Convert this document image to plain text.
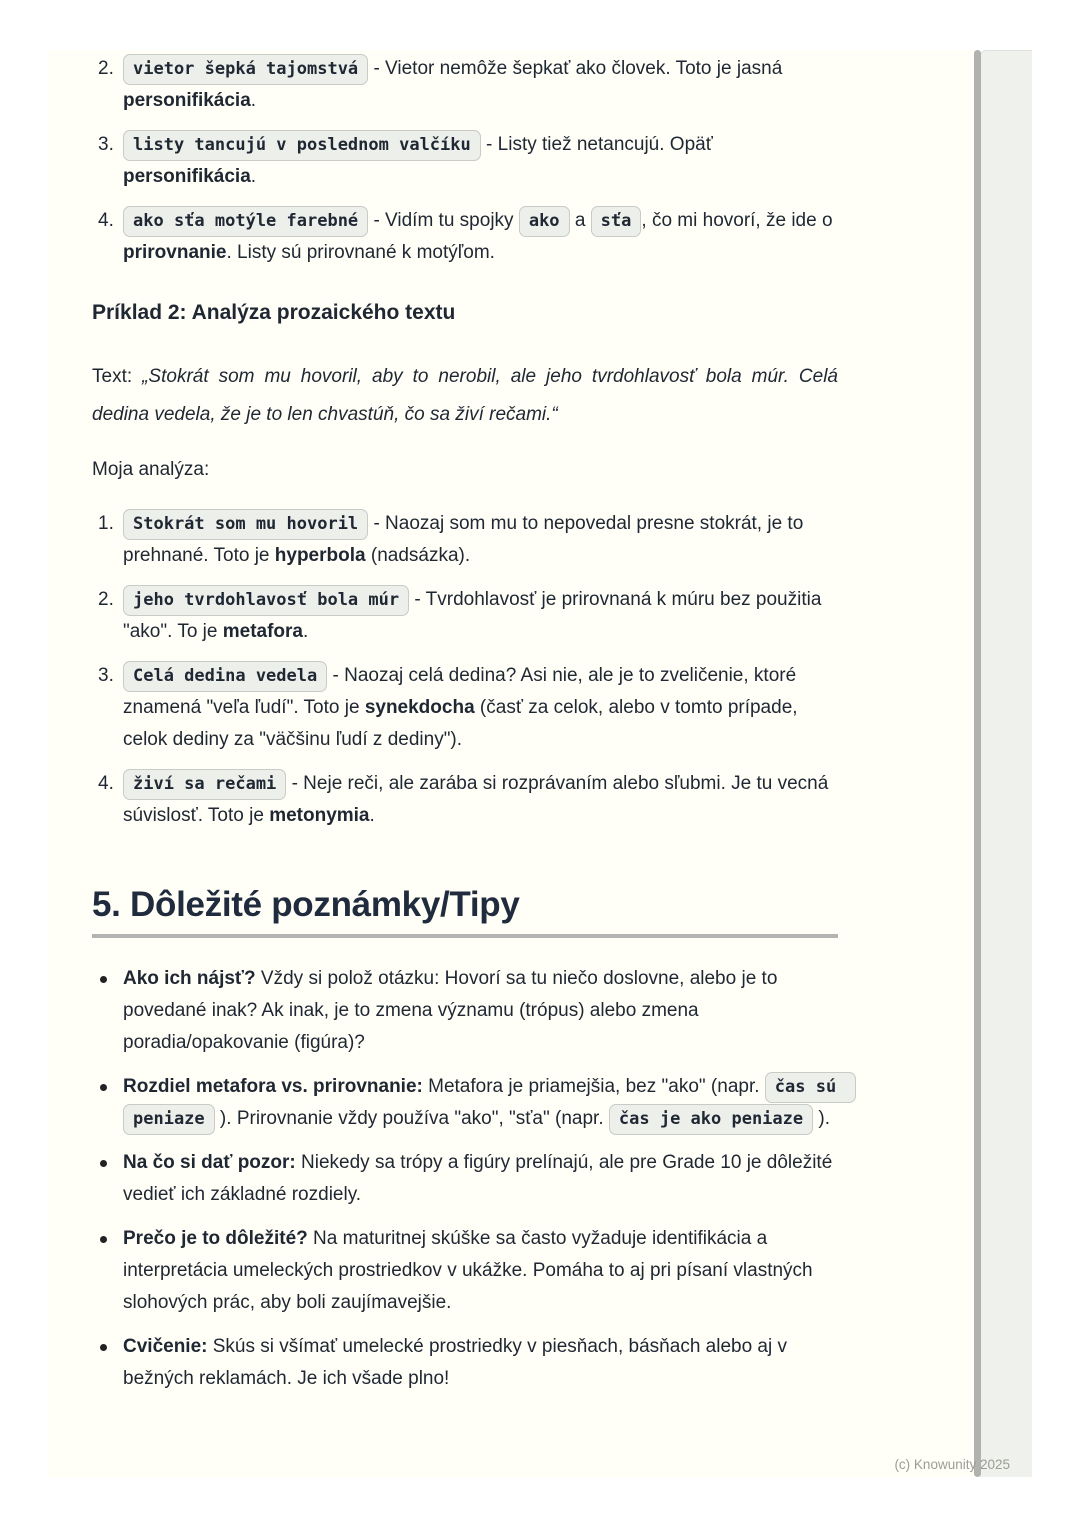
2. vietor šepká tajomstvá - Vietor nemôže šepkať ako človek. Toto je jasná personifikácia.
3. listy tancujú v poslednom valčíku - Listy tiež netancujú. Opäť personifikácia.
4. ako sťa motýle farebné - Vidím tu spojky ako a sťa , čo mi hovorí, že ide o prirovnanie. Listy sú prirovnané k motýľom.
Príklad 2: Analýza prozaického textu

Text: „Stokrát som mu hovoril, aby to nerobil, ale jeho tvrdohlavosť bola múr. Celá dedina vedela, že je to len chvastúň, čo sa živí rečami.“

Moja analýza:

1. Stokrát som mu hovoril - Naozaj som mu to nepovedal presne stokrát, je to prehnané. Toto je hyperbola (nadsázka).
2. jeho tvrdohlavosť bola múr - Tvrdohlavosť je prirovnaná k múru bez použitia "ako". To je metafora.
3. Celá dedina vedela - Naozaj celá dedina? Asi nie, ale je to zveličenie, ktoré znamená "veľa ľudí". Toto je synekdocha (časť za celok, alebo v tomto prípade, celok dediny za "väčšinu ľudí z dediny").
4. živí sa rečami - Neje reči, ale zarába si rozprávaním alebo sľubmi. Je tu vecná súvislosť. Toto je metonymia.
5. Dôležité poznámky/Tipy
Ako ich nájsť? Vždy si polož otázku: Hovorí sa tu niečo doslovne, alebo je to povedané inak? Ak inak, je to zmena významu (trópus) alebo zmena poradia/opakovanie (figúra)?
Rozdiel metafora vs. prirovnanie: Metafora je priamejšia, bez "ako" (napr. čas sú peniaze ). Prirovnanie vždy používa "ako", "sťa" (napr. čas je ako peniaze ).
Na čo si dať pozor: Niekedy sa trópy a figúry prelínajú, ale pre Grade 10 je dôležité vedieť ich základné rozdiely.
Prečo je to dôležité? Na maturitnej skúške sa často vyžaduje identifikácia a interpretácia umeleckých prostriedkov v ukážke. Pomáha to aj pri písaní vlastných slohových prác, aby boli zaujímavejšie.
Cvičenie: Skús si všímať umelecké prostriedky v piesňach, básňach alebo aj v bežných reklamách. Je ich všade plno!
(c) Knowunity 2025
